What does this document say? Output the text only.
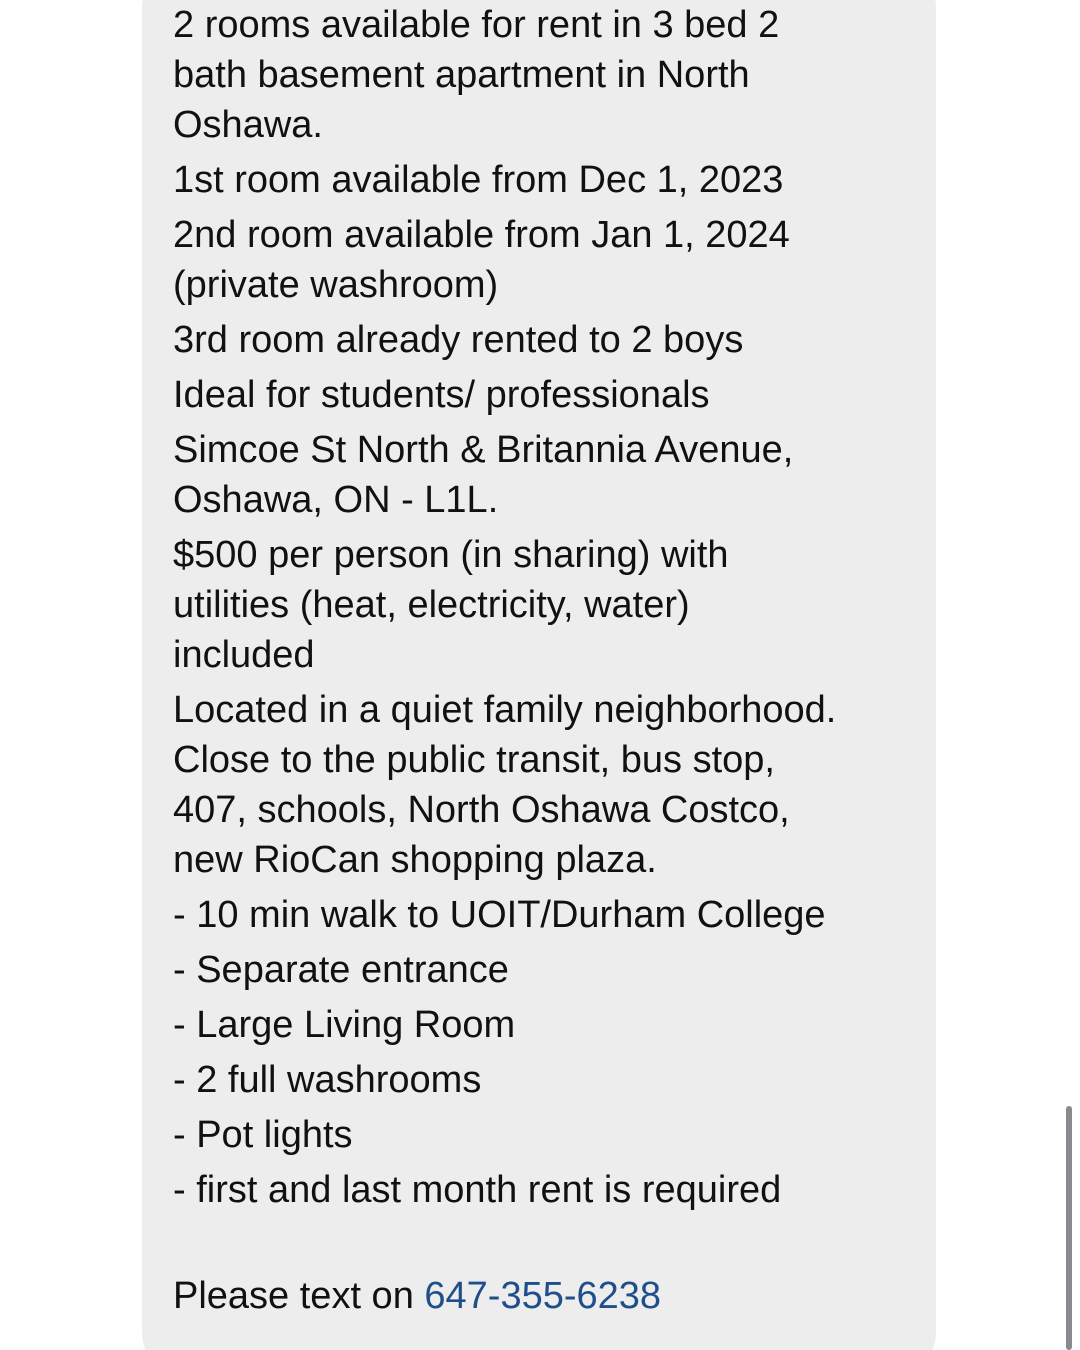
2 rooms available for rent in 3 bed 2
bath basement apartment in North
Oshawa.
1st room available from Dec 1, 2023
2nd room available from Jan 1, 2024
(private washroom)
3rd room already rented to 2 boys
Ideal for students/ professionals
Simcoe St North & Britannia Avenue,
Oshawa, ON - L1L.
$500 per person (in sharing) with
utilities (heat, electricity, water)
included
Located in a quiet family neighborhood.
Close to the public transit, bus stop,
407, schools, North Oshawa Costco,
new RioCan shopping plaza.
- 10 min walk to UOIT/Durham College
- Separate entrance
- Large Living Room
- 2 full washrooms
- Pot lights
- first and last month rent is required
Please text on 647-355-6238
